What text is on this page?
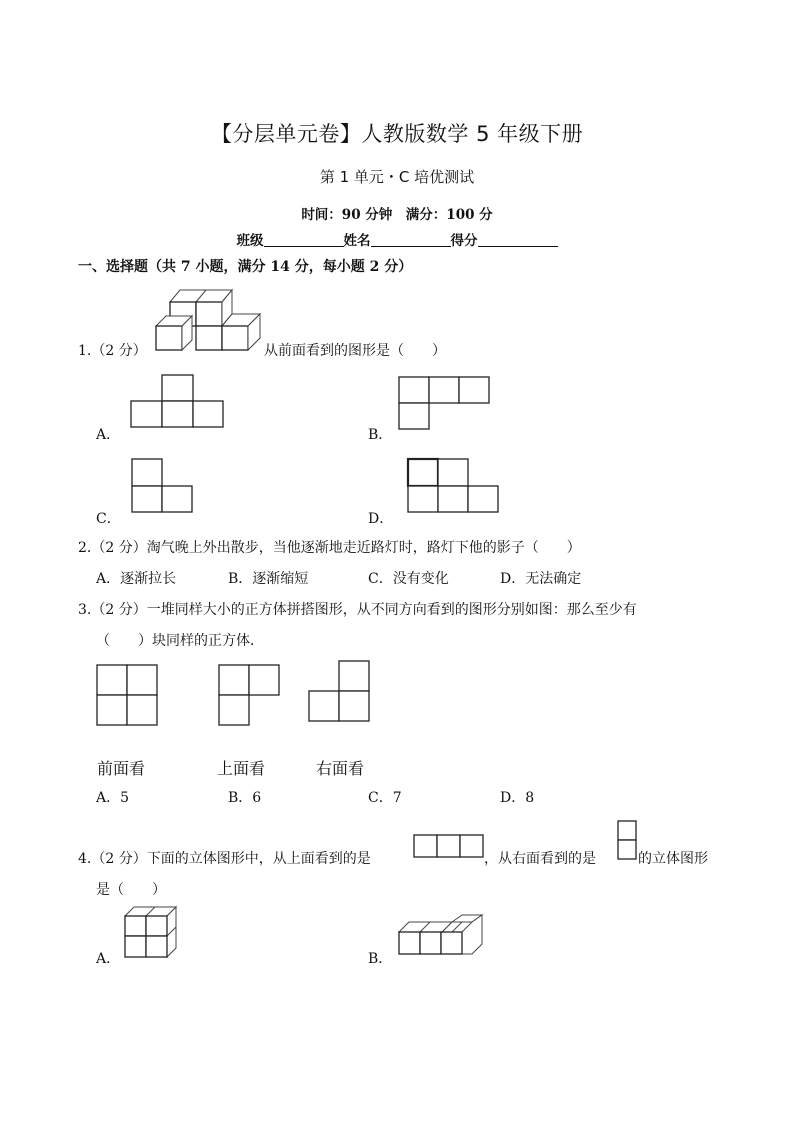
【分层单元卷】人教版数学 5 年级下册
第 1 单元・C 培优测试
时间：90 分钟　满分：100 分
班级	姓名	得分
一、选择题（共 7 小题，满分 14 分，每小题 2 分）
1.（2 分）	从前面看到的图形是（　　）
A．	B．
C．	D．
2.（2 分）淘气晚上外出散步，当他逐渐地走近路灯时，路灯下他的影子（　　）
A．逐渐拉长	B．逐渐缩短	C．没有变化	D．无法确定
3.（2 分）一堆同样大小的正方体拼搭图形，从不同方向看到的图形分别如图：那么至少有
（　　）块同样的正方体．
前面看	上面看	右面看
A．5	B．6	C．7	D．8
4.（2 分）下面的立体图形中，从上面看到的是	，从右面看到的是	的立体图形
是（　　）
A．	B．
